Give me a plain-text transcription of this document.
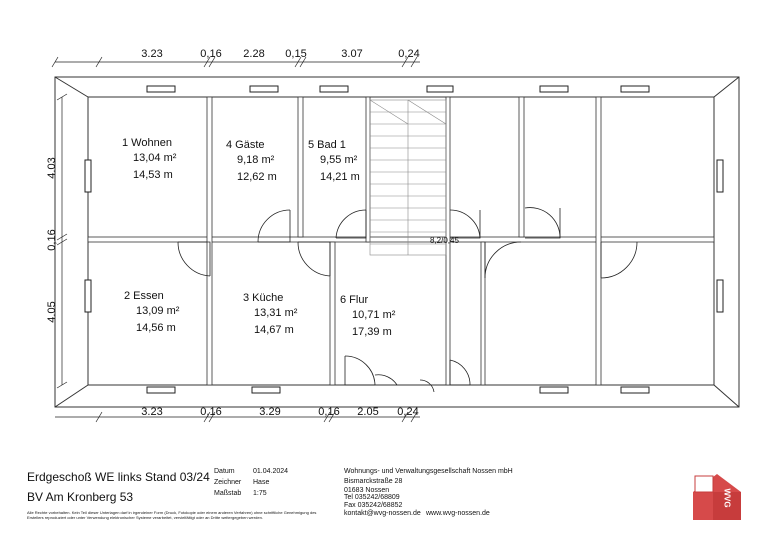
8,2/0,45
3.23	0,16 2.28 0,15	3.07	0,24
3.23	0,16	3.29	0,16 2.05 0,24
4.03
0,16
4.05
1 Wohnen
13,04 m²
14,53 m
4 Gäste
9,18 m²
12,62 m
5 Bad 1
9,55 m²
14,21 m
2 Essen
13,09 m²
14,56 m
3 Küche
13,31 m²
14,67 m
6 Flur
10,71 m²
17,39 m
WVG
Erdgeschoß WE links Stand 03/24
BV Am Kronberg 53
Alle Rechte vorbehalten. Kein Teil dieser Unterlagen darf in irgendeiner Form (Druck, Fotokopie oder einem anderen Verfahren) ohne schriftliche Genehmigung des Erstellers reproduziert oder unter Verwendung elektronischer Systeme verarbeitet, vervielfältigt oder an Dritte weitergegeben werden.
Datum	01.04.2024
Zeichner Hase
Maßstab 1:75
Wohnungs- und Verwaltungsgesellschaft Nossen mbH
Bismarckstraße 28
01683 Nossen
Tel 035242/68809
Fax 035242/68852
kontakt@wvg-nossen.de www.wvg-nossen.de
